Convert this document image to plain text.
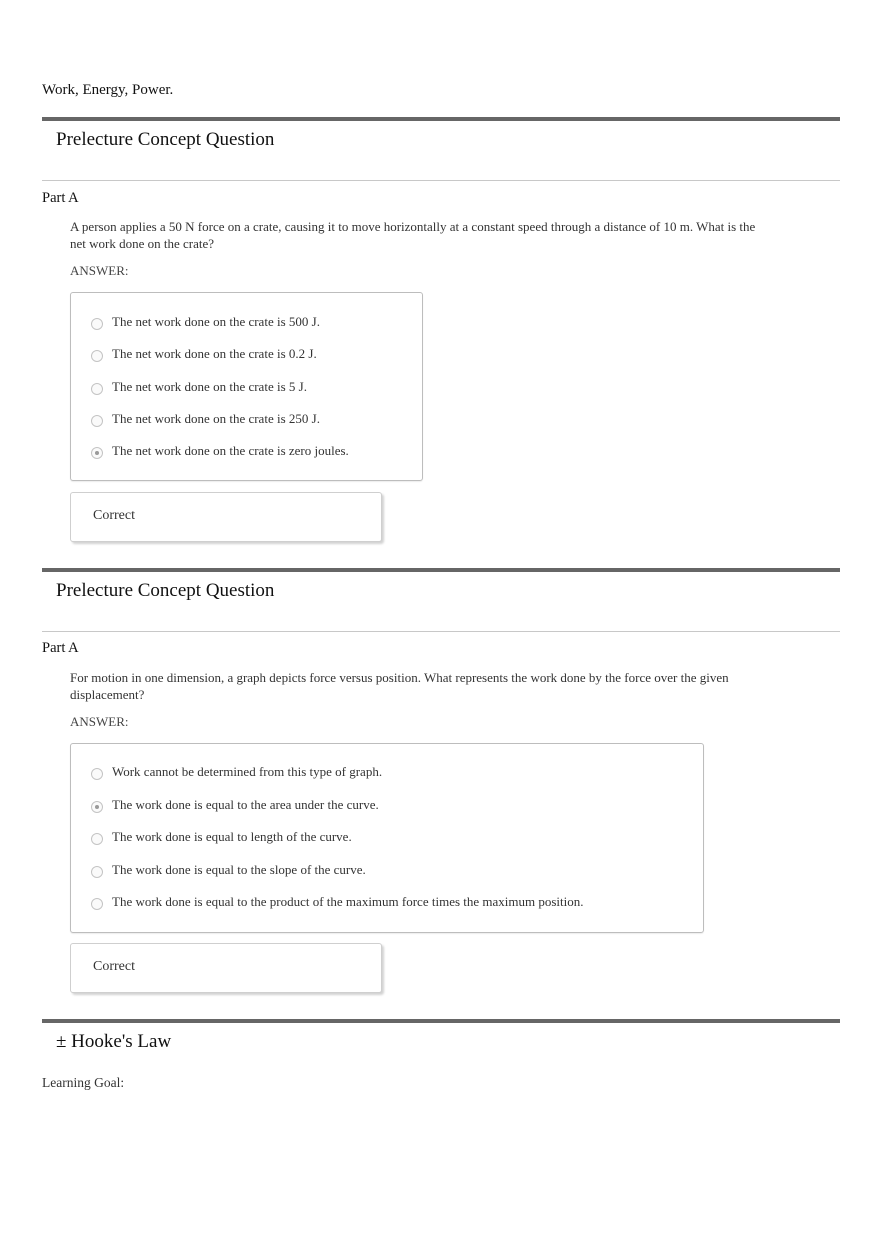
Work, Energy, Power.
Prelecture Concept Question
Part A
A person applies a 50 N force on a crate, causing it to move horizontally at a constant speed through a distance of 10 m. What is the net work done on the crate?
ANSWER:
The net work done on the crate is 500 J.
The net work done on the crate is 0.2 J.
The net work done on the crate is 5 J.
The net work done on the crate is 250 J.
The net work done on the crate is zero joules.
Correct
Prelecture Concept Question
Part A
For motion in one dimension, a graph depicts force versus position. What represents the work done by the force over the given displacement?
ANSWER:
Work cannot be determined from this type of graph.
The work done is equal to the area under the curve.
The work done is equal to length of the curve.
The work done is equal to the slope of the curve.
The work done is equal to the product of the maximum force times the maximum position.
Correct
± Hooke's Law
Learning Goal:
